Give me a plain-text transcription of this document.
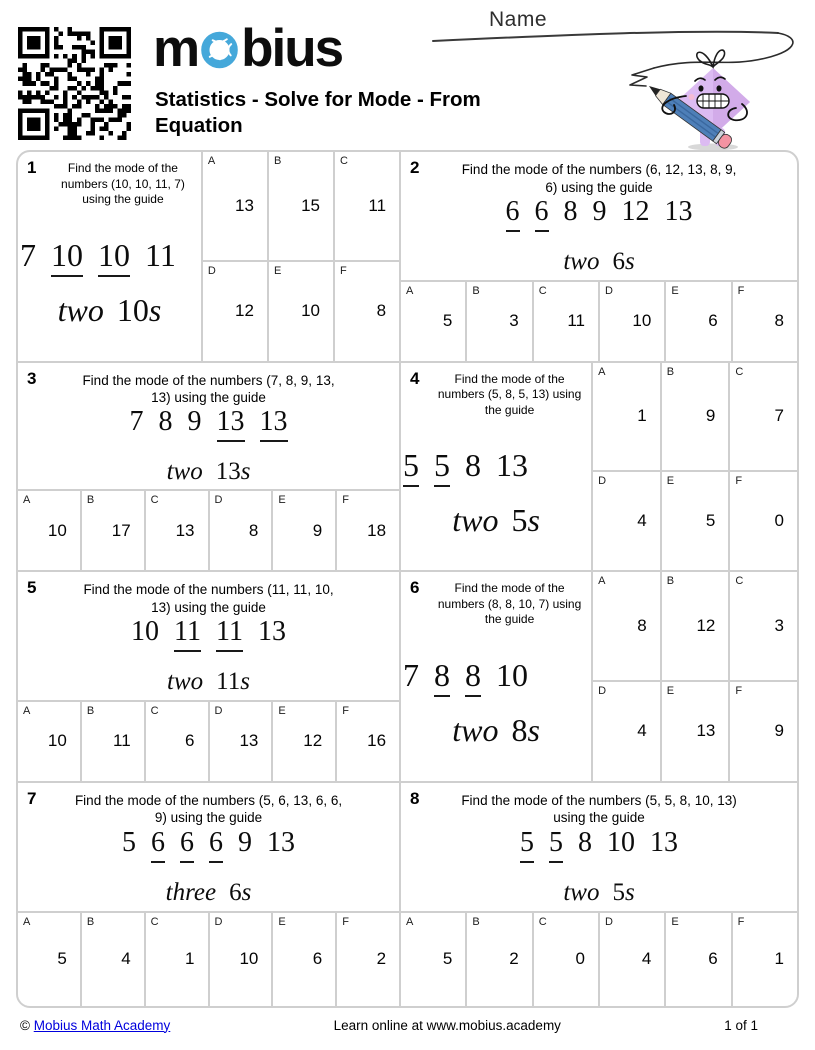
m bius
Statistics - Solve for Mode - From Equation
Name
1	Find the mode of the numbers (10, 10, 11, 7) using the guide
7 10 10 11
two 10s
A
13
B
15
C
11
D
12
E
10
F
8
2	Find the mode of the numbers (6, 12, 13, 8, 9, 6) using the guide
6 6 8 9 12 13
two 6s
A
5
B
3
C
11
D
10
E
6
F
8
3	Find the mode of the numbers (7, 8, 9, 13, 13) using the guide
7 8 9 13 13
two 13s
A
10
B
17
C
13
D
8
E
9
F
18
4	Find the mode of the numbers (5, 8, 5, 13) using the guide
5 5 8 13
two 5s
A
1
B
9
C
7
D
4
E
5
F
0
5	Find the mode of the numbers (11, 11, 10, 13) using the guide
10 11 11 13
two 11s
A
10
B
11
C
6
D
13
E
12
F
16
6	Find the mode of the numbers (8, 8, 10, 7) using the guide
7 8 8 10
two 8s
A
8
B
12
C
3
D
4
E
13
F
9
7	Find the mode of the numbers (5, 6, 13, 6, 6, 9) using the guide
5 6 6 6 9 13
three 6s
A
5
B
4
C
1
D
10
E
6
F
2
8	Find the mode of the numbers (5, 5, 8, 10, 13) using the guide
5 5 8 10 13
two 5s
A
5
B
2
C
0
D
4
E
6
F
1
© Mobius Math Academy	Learn online at www.mobius.academy	1 of 1
